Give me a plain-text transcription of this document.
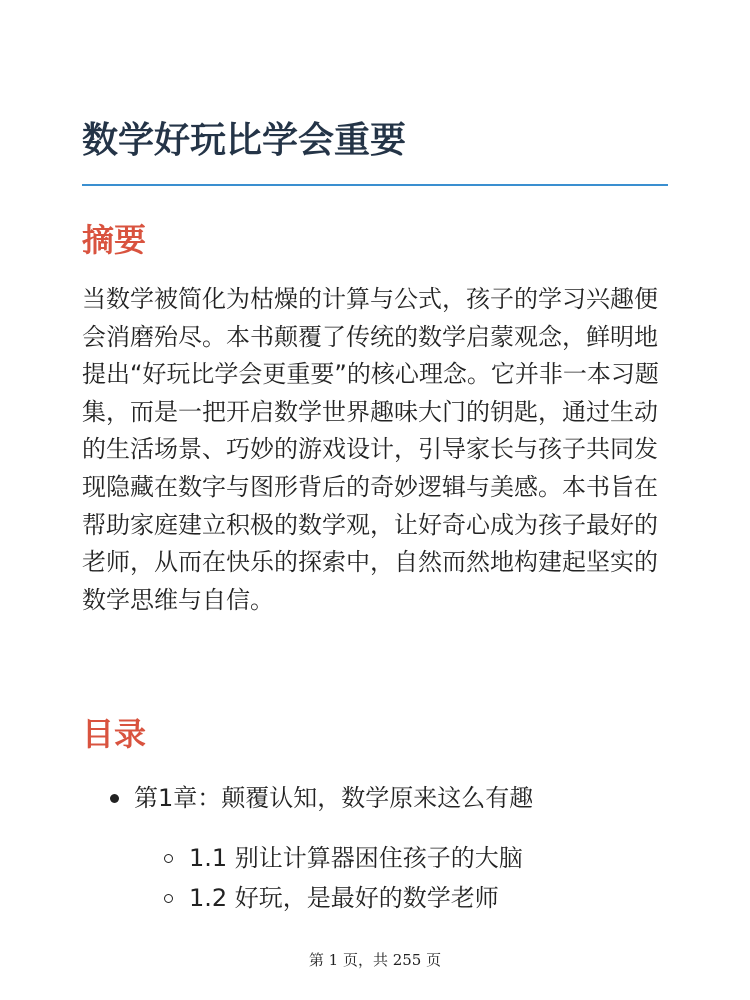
数学好玩比学会重要
摘要

当数学被简化为枯燥的计算与公式，孩子的学习兴趣便会消磨殆尽。本书颠覆了传统的数学启蒙观念，鲜明地提出“好玩比学会更重要”的核心理念。它并非一本习题集，而是一把开启数学世界趣味大门的钥匙，通过生动的生活场景、巧妙的游戏设计，引导家长与孩子共同发现隐藏在数字与图形背后的奇妙逻辑与美感。本书旨在帮助家庭建立积极的数学观，让好奇心成为孩子最好的老师，从而在快乐的探索中，自然而然地构建起坚实的数学思维与自信。

目录
第1章：颠覆认知，数学原来这么有趣
1.1 别让计算器困住孩子的大脑
1.2 好玩，是最好的数学老师
第 1 页，共 255 页
